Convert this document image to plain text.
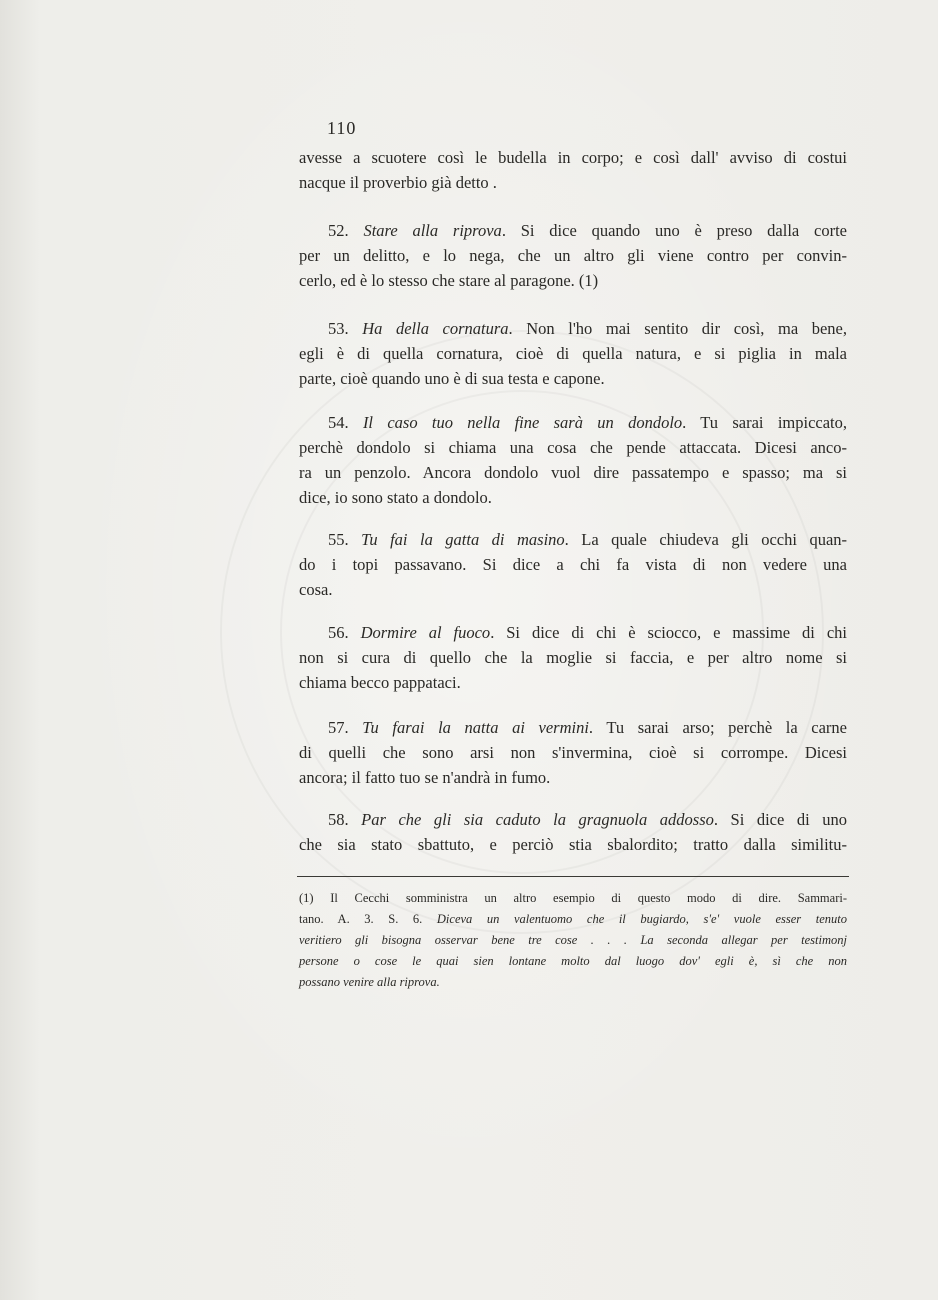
110
avesse a scuotere così le budella in corpo; e così dall' avviso di costui
nacque il proverbio già detto .
52. Stare alla riprova. Si dice quando uno è preso dalla corte
per un delitto, e lo nega, che un altro gli viene contro per convin-
cerlo, ed è lo stesso che stare al paragone. (1)
53. Ha della cornatura. Non l'ho mai sentito dir così, ma bene,
egli è di quella cornatura, cioè di quella natura, e si piglia in mala
parte, cioè quando uno è di sua testa e capone.
54. Il caso tuo nella fine sarà un dondolo. Tu sarai impiccato,
perchè dondolo si chiama una cosa che pende attaccata. Dicesi anco-
ra un penzolo. Ancora dondolo vuol dire passatempo e spasso; ma si
dice, io sono stato a dondolo.
55. Tu fai la gatta di masino. La quale chiudeva gli occhi quan-
do i topi passavano. Si dice a chi fa vista di non vedere una
cosa.
56. Dormire al fuoco. Si dice di chi è sciocco, e massime di chi
non si cura di quello che la moglie si faccia, e per altro nome si
chiama becco pappataci.
57. Tu farai la natta ai vermini. Tu sarai arso; perchè la carne
di quelli che sono arsi non s'invermina, cioè si corrompe. Dicesi
ancora; il fatto tuo se n'andrà in fumo.
58. Par che gli sia caduto la gragnuola addosso. Si dice di uno
che sia stato sbattuto, e perciò stia sbalordito; tratto dalla similitu-
(1) Il Cecchi somministra un altro esempio di questo modo di dire. Sammari-
tano. A. 3. S. 6. Diceva un valentuomo che il bugiardo, s'e' vuole esser tenuto
veritiero gli bisogna osservar bene tre cose . . . La seconda allegar per testimonj
persone o cose le quai sien lontane molto dal luogo dov' egli è, sì che non
possano venire alla riprova.
